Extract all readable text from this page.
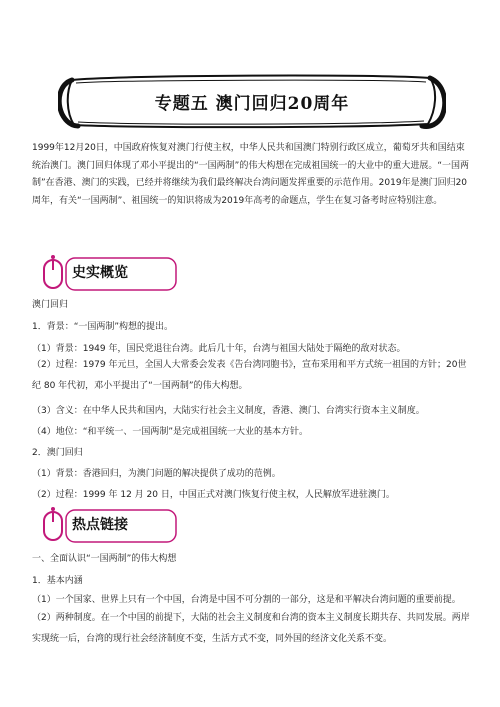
专题五 澳门回归20周年
1999年12月20日，中国政府恢复对澳门行使主权，中华人民共和国澳门特别行政区成立，葡萄牙共和国结束统治澳门。澳门回归体现了邓小平提出的“一国两制”的伟大构想在完成祖国统一的大业中的重大进展。“一国两制”在香港、澳门的实践，已经并将继续为我们最终解决台湾问题发挥重要的示范作用。2019年是澳门回归20周年，有关“一国两制”、祖国统一的知识将成为2019年高考的命题点，学生在复习备考时应特别注意。
史实概览
澳门回归
1．背景：“一国两制”构想的提出。
（1）背景：1949 年，国民党退往台湾。此后几十年，台湾与祖国大陆处于隔绝的敌对状态。
（2）过程：1979 年元旦，全国人大常委会发表《告台湾同胞书》，宣布采用和平方式统一祖国的方针；20世纪 80 年代初，邓小平提出了“一国两制”的伟大构想。
（3）含义：在中华人民共和国内，大陆实行社会主义制度，香港、澳门、台湾实行资本主义制度。
（4）地位：“和平统一、一国两制”是完成祖国统一大业的基本方针。
2．澳门回归
（1）背景：香港回归，为澳门问题的解决提供了成功的范例。
（2）过程：1999 年 12 月 20 日，中国正式对澳门恢复行使主权，人民解放军进驻澳门。
热点链接
一、全面认识“一国两制”的伟大构想
1．基本内涵
（1）一个国家、世界上只有一个中国，台湾是中国不可分割的一部分，这是和平解决台湾问题的重要前提。
（2）两种制度。在一个中国的前提下，大陆的社会主义制度和台湾的资本主义制度长期共存、共同发展。两岸实现统一后，台湾的现行社会经济制度不变，生活方式不变，同外国的经济文化关系不变。
